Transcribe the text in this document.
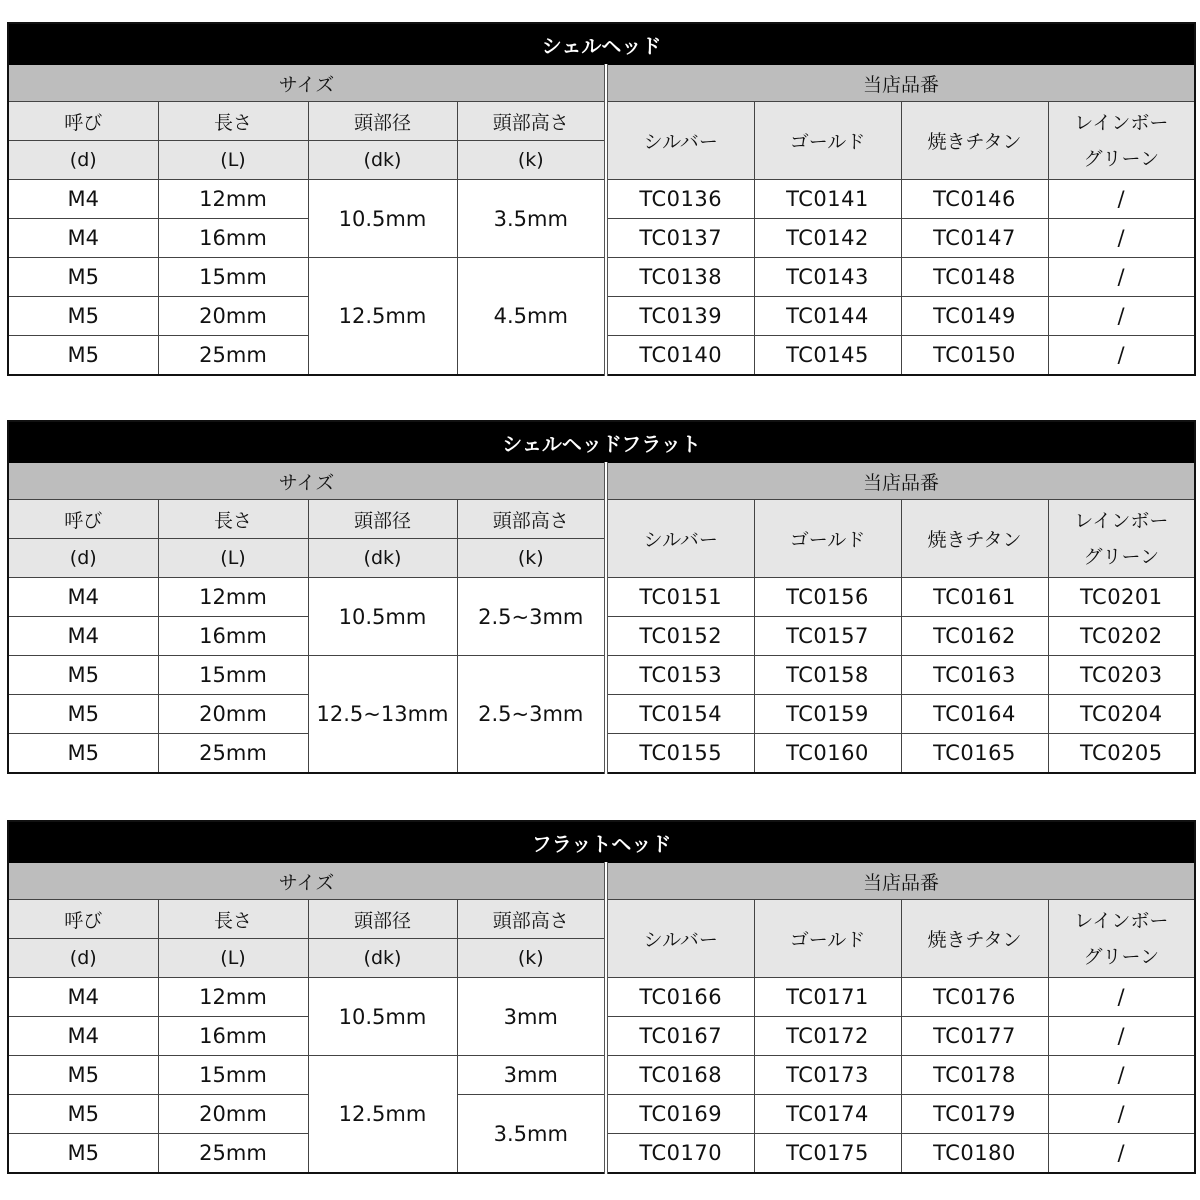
シェルヘッド							
サイズ				当店品番			
呼び	長さ	頭部径	頭部高さ	シルバー	ゴールド	焼きチタン	レインボー
グリーン
(d)	(L)	(dk)	(k)				
M4	12mm	10.5mm	3.5mm	TC0136	TC0141	TC0146	/
M4	16mm			TC0137	TC0142	TC0147	/
M5	15mm	12.5mm	4.5mm	TC0138	TC0143	TC0148	/
M5	20mm			TC0139	TC0144	TC0149	/
M5	25mm			TC0140	TC0145	TC0150	/
シェルヘッドフラット							
サイズ				当店品番			
呼び	長さ	頭部径	頭部高さ	シルバー	ゴールド	焼きチタン	レインボー
グリーン
(d)	(L)	(dk)	(k)				
M4	12mm	10.5mm	2.5~3mm	TC0151	TC0156	TC0161	TC0201
M4	16mm			TC0152	TC0157	TC0162	TC0202
M5	15mm	12.5~13mm	2.5~3mm	TC0153	TC0158	TC0163	TC0203
M5	20mm			TC0154	TC0159	TC0164	TC0204
M5	25mm			TC0155	TC0160	TC0165	TC0205
フラットヘッド							
サイズ				当店品番			
呼び	長さ	頭部径	頭部高さ	シルバー	ゴールド	焼きチタン	レインボー
グリーン
(d)	(L)	(dk)	(k)				
M4	12mm	10.5mm	3mm	TC0166	TC0171	TC0176	/
M4	16mm			TC0167	TC0172	TC0177	/
M5	15mm	12.5mm	3mm	TC0168	TC0173	TC0178	/
M5	20mm		3.5mm	TC0169	TC0174	TC0179	/
M5	25mm			TC0170	TC0175	TC0180	/
